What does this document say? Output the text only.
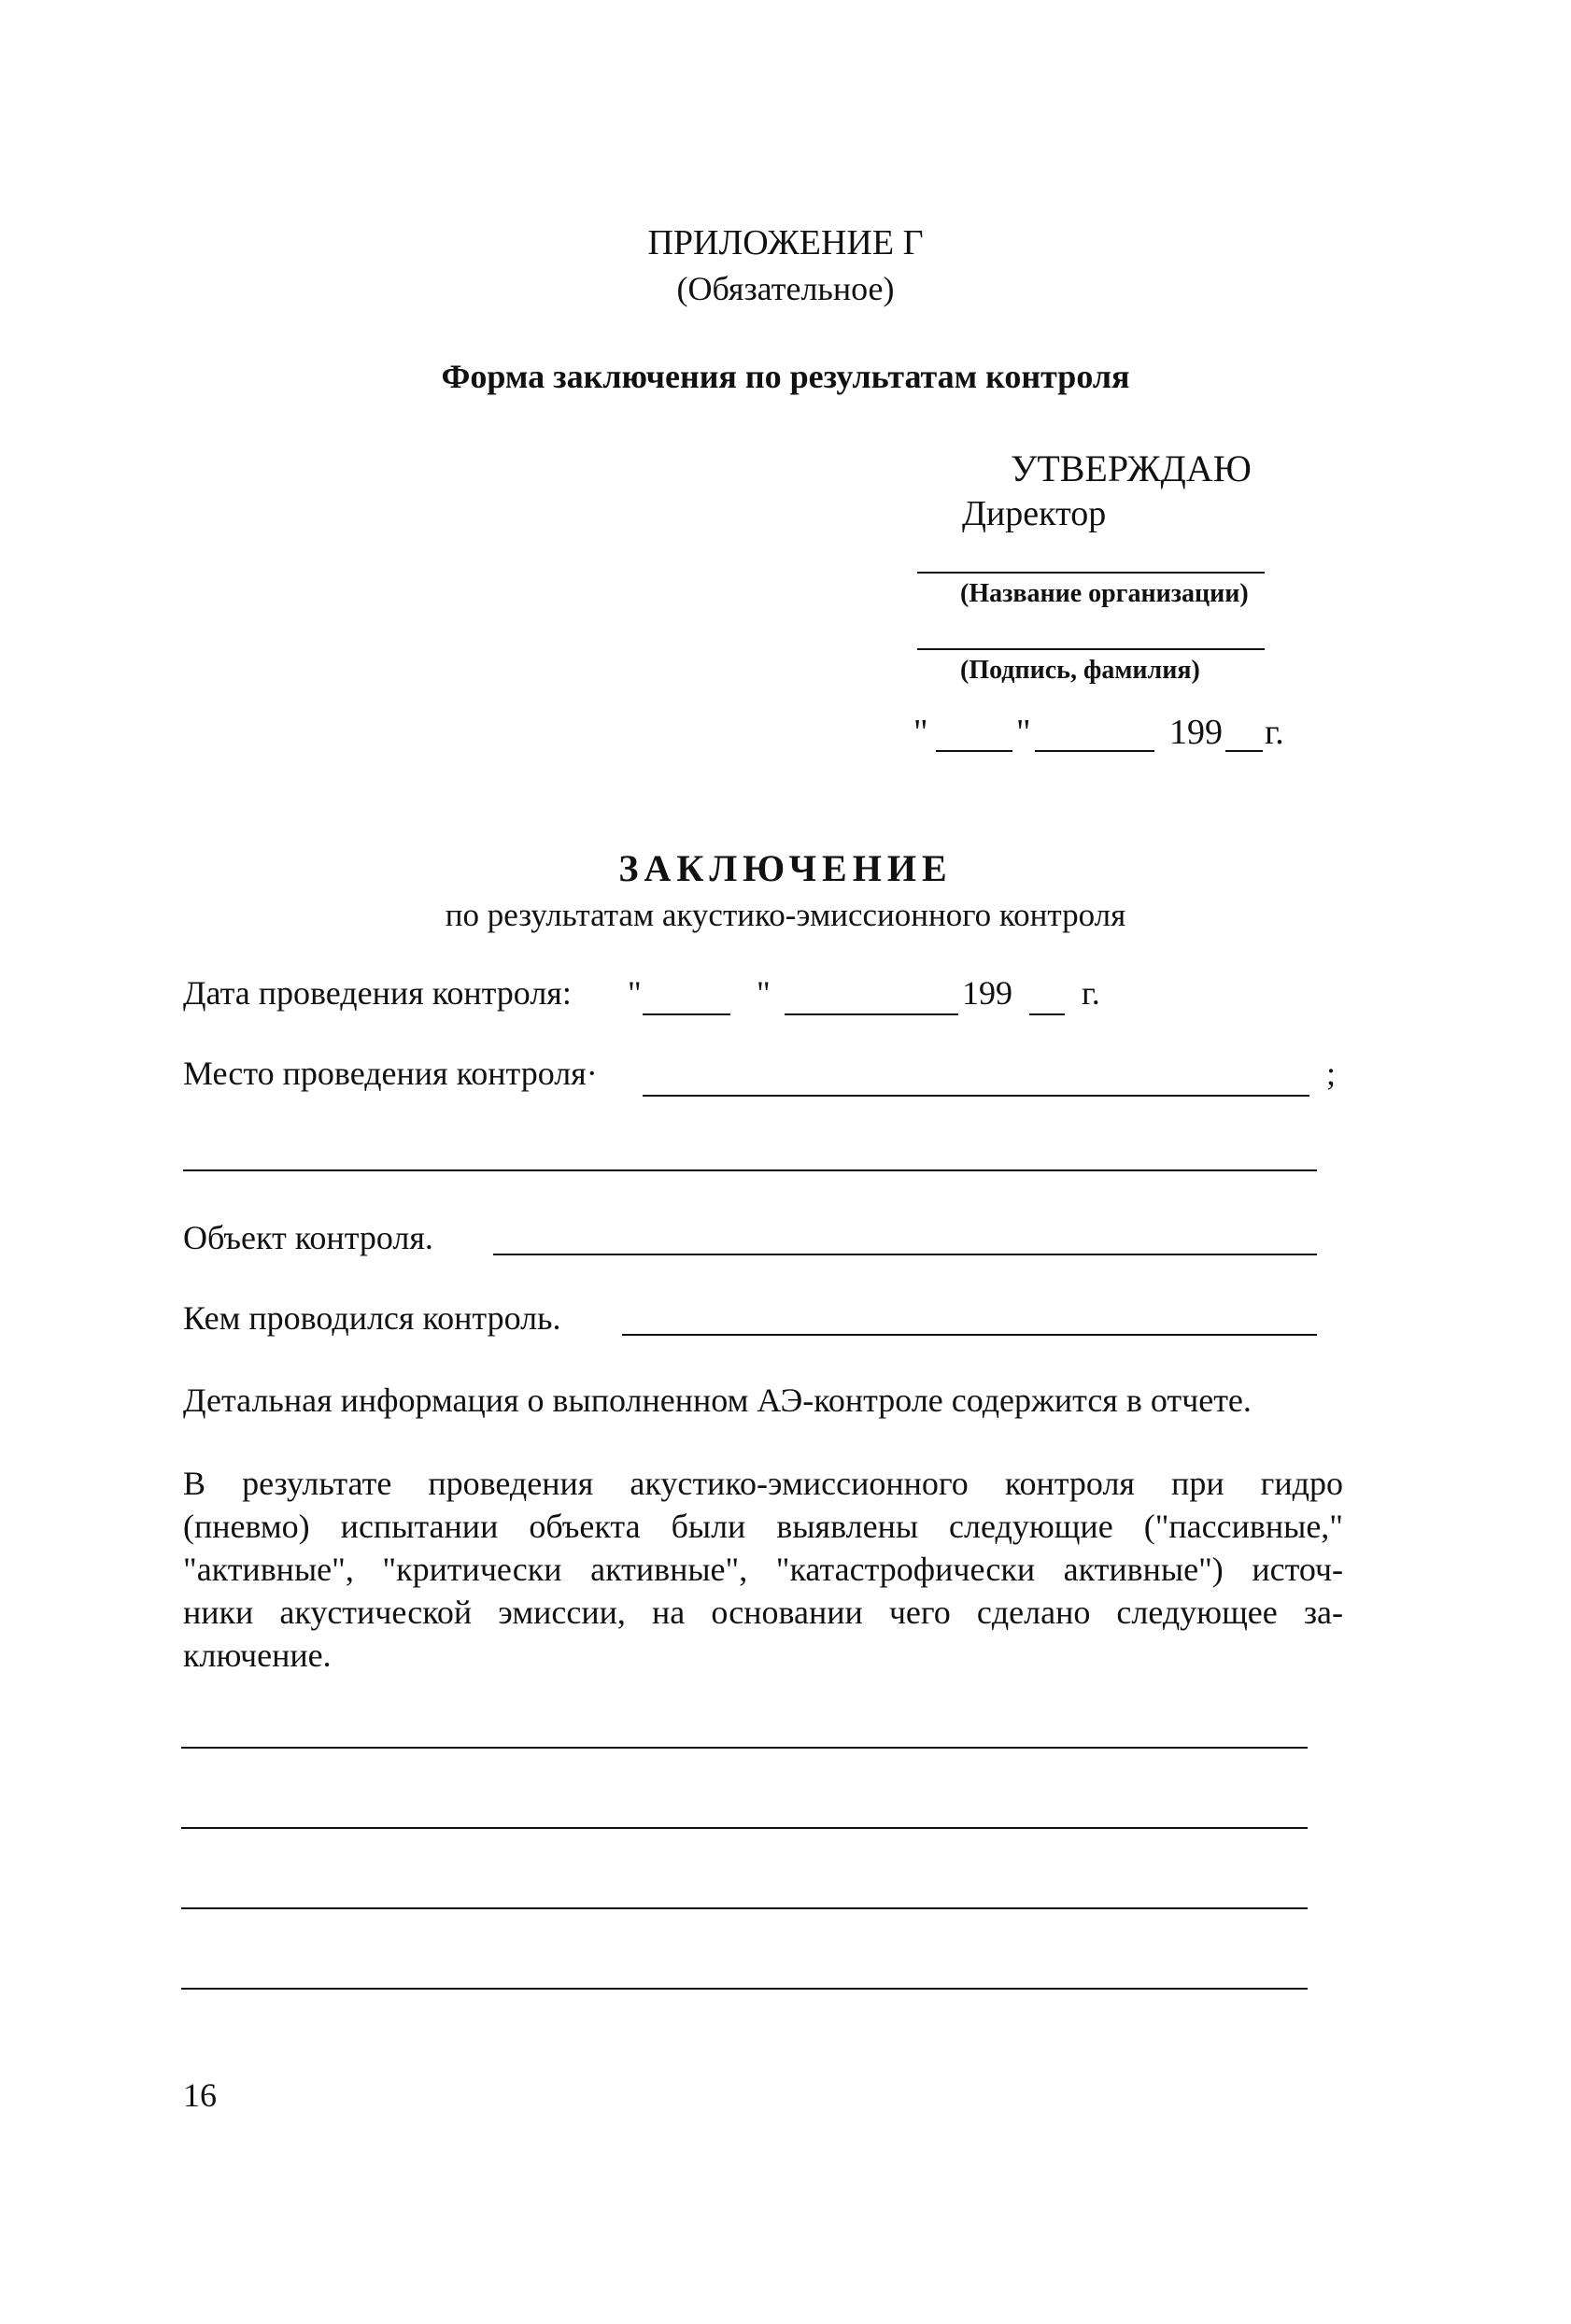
ПРИЛОЖЕНИЕ Г
(Обязательное)
Форма заключения по результатам контроля
УТВЕРЖДАЮ
Директор
(Название организации)
(Подпись, фамилия)
" "	199 г.
ЗАКЛЮЧЕНИЕ
по результатам акустико-эмиссионного контроля
Дата проведения контроля: "	"	199 г.
Место проведения контроля·	;
Объект контроля.
Кем проводился контроль.
Детальная информация о выполненном АЭ-контроле содержится в отчете.
В результате проведения акустико-эмиссионного контроля при гидро
(пневмо) испытании объекта были выявлены следующие ("пассивные,"
"активные", "критически активные", "катастрофически активные") источ-
ники акустической эмиссии, на основании чего сделано следующее за-
ключение.
16
